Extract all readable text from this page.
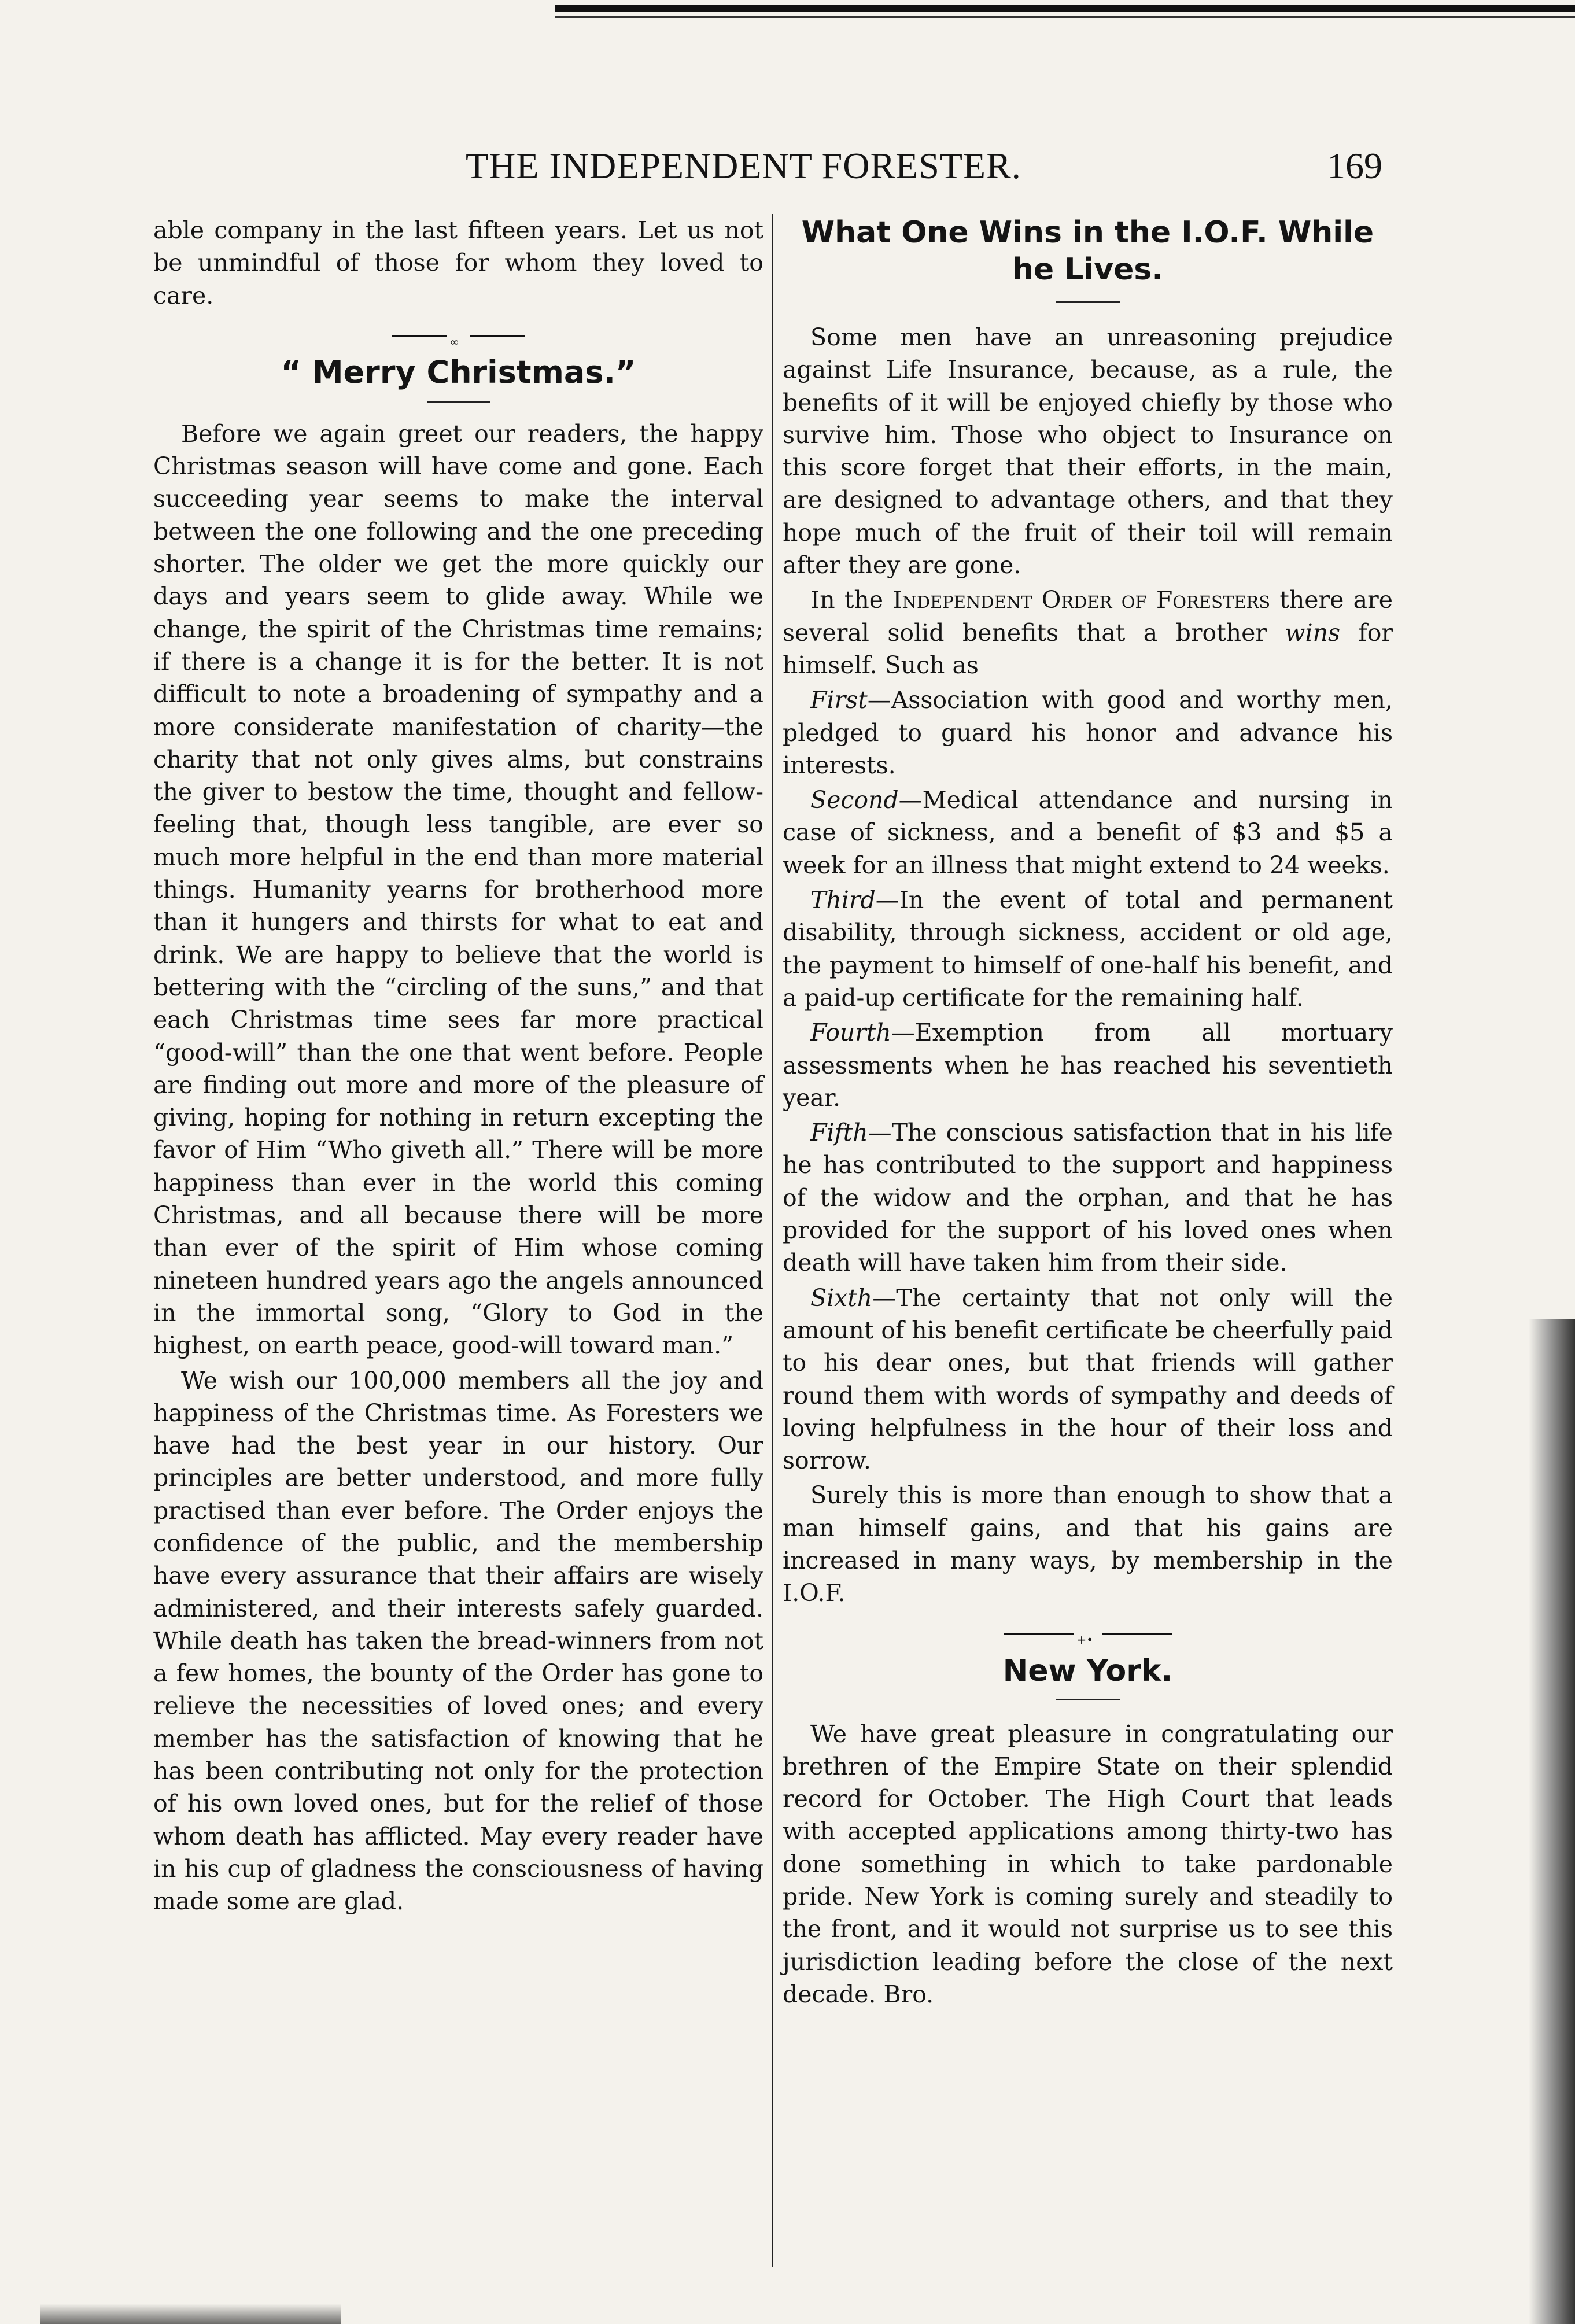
THE INDEPENDENT FORESTER.	169

able company in the last fifteen years. Let us not be unmindful of those for whom they loved to care.

∞
“ Merry Christmas.”

Before we again greet our readers, the happy Christmas season will have come and gone. Each succeeding year seems to make the interval between the one following and the one preceding shorter. The older we get the more quickly our days and years seem to glide away. While we change, the spirit of the Christmas time remains; if there is a change it is for the better. It is not difficult to note a broadening of sympathy and a more considerate manifestation of charity—the charity that not only gives alms, but constrains the giver to bestow the time, thought and fellow-feeling that, though less tangible, are ever so much more helpful in the end than more material things. Humanity yearns for brotherhood more than it hungers and thirsts for what to eat and drink. We are happy to believe that the world is bettering with the “circling of the suns,” and that each Christmas time sees far more practical “good-will” than the one that went before. People are finding out more and more of the pleasure of giving, hoping for nothing in return excepting the favor of Him “Who giveth all.” There will be more happiness than ever in the world this coming Christmas, and all because there will be more than ever of the spirit of Him whose coming nineteen hundred years ago the angels announced in the immortal song, “Glory to God in the highest, on earth peace, good-will toward man.”

We wish our 100,000 members all the joy and happiness of the Christmas time. As Foresters we have had the best year in our history. Our principles are better understood, and more fully practised than ever before. The Order enjoys the confidence of the public, and the membership have every assurance that their affairs are wisely administered, and their interests safely guarded. While death has taken the bread-winners from not a few homes, the bounty of the Order has gone to relieve the necessities of loved ones; and every member has the satisfaction of knowing that he has been contributing not only for the protection of his own loved ones, but for the relief of those whom death has afflicted. May every reader have in his cup of gladness the consciousness of having made some are glad.

What One Wins in the I.O.F. While he Lives.

Some men have an unreasoning prejudice against Life Insurance, because, as a rule, the benefits of it will be enjoyed chiefly by those who survive him. Those who object to Insurance on this score forget that their efforts, in the main, are designed to advantage others, and that they hope much of the fruit of their toil will remain after they are gone.

In the Independent Order of Foresters there are several solid benefits that a brother wins for himself. Such as

First—Association with good and worthy men, pledged to guard his honor and advance his interests.

Second—Medical attendance and nursing in case of sickness, and a benefit of $3 and $5 a week for an illness that might extend to 24 weeks.

Third—In the event of total and permanent disability, through sickness, accident or old age, the payment to himself of one-half his benefit, and a paid-up certificate for the remaining half.

Fourth—Exemption from all mortuary assessments when he has reached his seventieth year.

Fifth—The conscious satisfaction that in his life he has contributed to the support and happiness of the widow and the orphan, and that he has provided for the support of his loved ones when death will have taken him from their side.

Sixth—The certainty that not only will the amount of his benefit certificate be cheerfully paid to his dear ones, but that friends will gather round them with words of sympathy and deeds of loving helpfulness in the hour of their loss and sorrow.

Surely this is more than enough to show that a man himself gains, and that his gains are increased in many ways, by membership in the I.O.F.

+•
New York.

We have great pleasure in congratulating our brethren of the Empire State on their splendid record for October. The High Court that leads with accepted applications among thirty-two has done something in which to take pardonable pride. New York is coming surely and steadily to the front, and it would not surprise us to see this jurisdiction leading before the close of the next decade. Bro.
